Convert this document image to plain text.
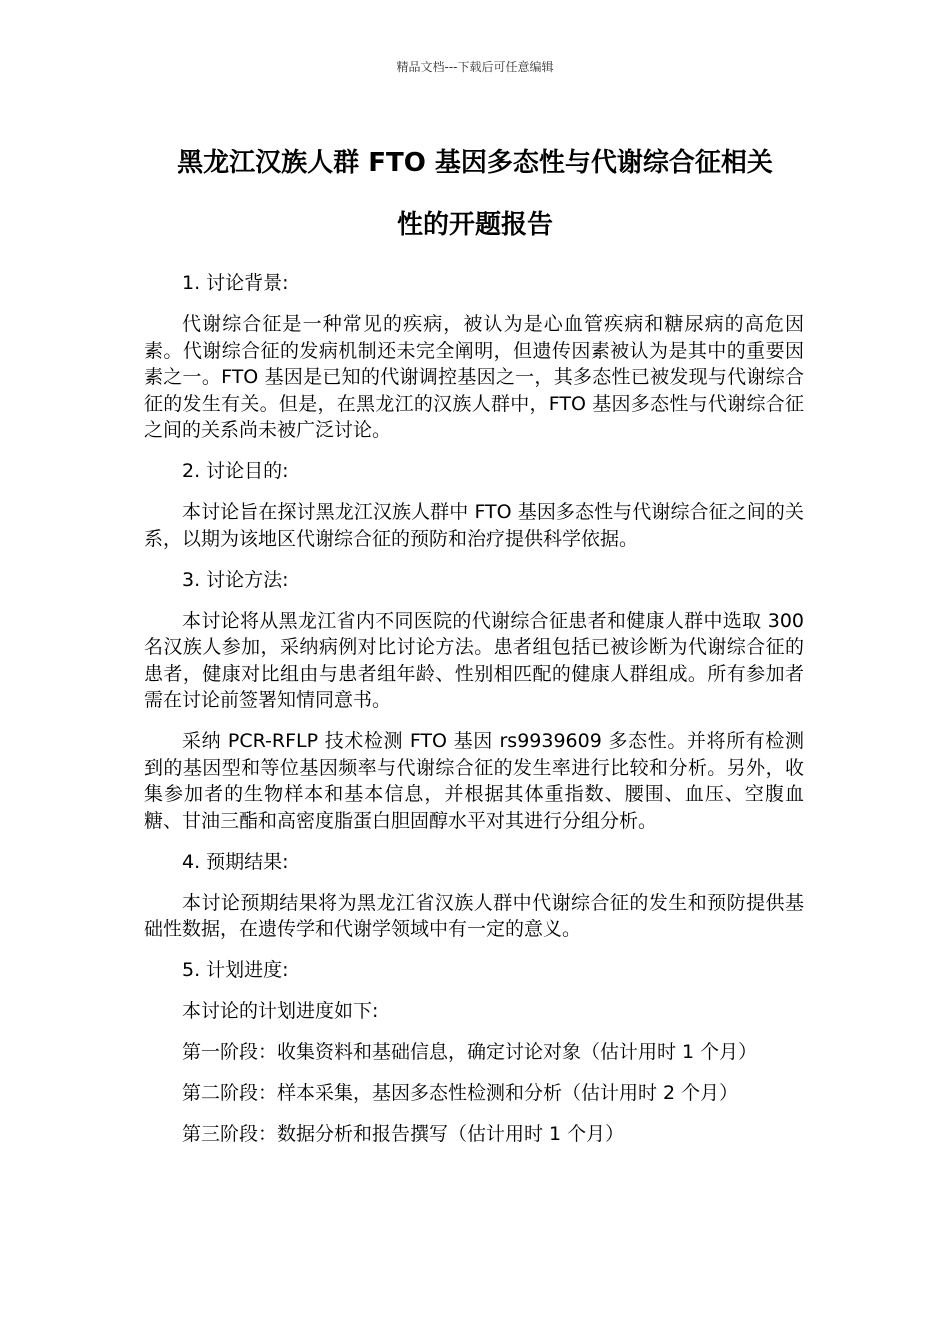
精品文档---下载后可任意编辑
黑龙江汉族人群 FTO 基因多态性与代谢综合征相关
性的开题报告

1. 讨论背景:

代谢综合征是一种常见的疾病，被认为是心血管疾病和糖尿病的高危因素。代谢综合征的发病机制还未完全阐明，但遗传因素被认为是其中的重要因素之一。FTO 基因是已知的代谢调控基因之一，其多态性已被发现与代谢综合征的发生有关。但是，在黑龙江的汉族人群中，FTO 基因多态性与代谢综合征之间的关系尚未被广泛讨论。

2. 讨论目的:

本讨论旨在探讨黑龙江汉族人群中 FTO 基因多态性与代谢综合征之间的关系，以期为该地区代谢综合征的预防和治疗提供科学依据。

3. 讨论方法:

本讨论将从黑龙江省内不同医院的代谢综合征患者和健康人群中选取 300 名汉族人参加，采纳病例对比讨论方法。患者组包括已被诊断为代谢综合征的患者，健康对比组由与患者组年龄、性别相匹配的健康人群组成。所有参加者需在讨论前签署知情同意书。

采纳 PCR-RFLP 技术检测 FTO 基因 rs9939609 多态性。并将所有检测到的基因型和等位基因频率与代谢综合征的发生率进行比较和分析。另外，收集参加者的生物样本和基本信息，并根据其体重指数、腰围、血压、空腹血糖、甘油三酯和高密度脂蛋白胆固醇水平对其进行分组分析。

4. 预期结果:

本讨论预期结果将为黑龙江省汉族人群中代谢综合征的发生和预防提供基础性数据，在遗传学和代谢学领域中有一定的意义。

5. 计划进度:

本讨论的计划进度如下:

第一阶段：收集资料和基础信息，确定讨论对象（估计用时 1 个月）

第二阶段：样本采集，基因多态性检测和分析（估计用时 2 个月）

第三阶段：数据分析和报告撰写（估计用时 1 个月）
